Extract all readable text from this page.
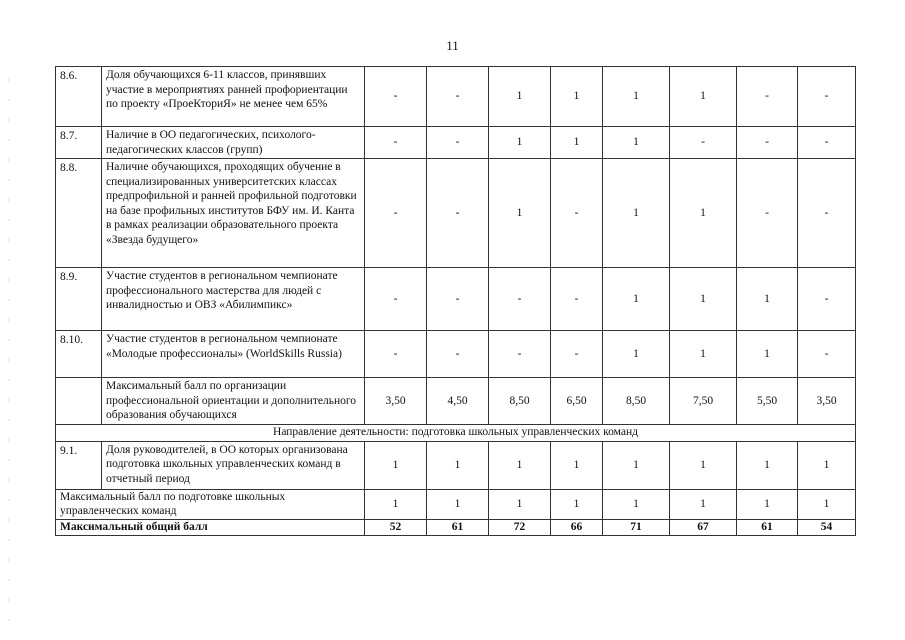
11
8.6.	Доля обучающихся 6-11 классов, принявших участие в мероприятиях ранней профориентации по проекту «ПроеКториЯ» не менее чем 65%	-	-	1	1	1	1	-	-
8.7.	Наличие в ОО педагогических, психолого-педагогических классов (групп)	-	-	1	1	1	-	-	-
8.8.	Наличие обучающихся, проходящих обучение в специализированных университетских классах предпрофильной и ранней профильной подготовки на базе профильных институтов БФУ им. И. Канта в рамках реализации образовательного проекта «Звезда будущего»	-	-	1	-	1	1	-	-
8.9.	Участие студентов в региональном чемпионате профессионального мастерства для людей с инвалидностью и ОВЗ «Абилимпикс»	-	-	-	-	1	1	1	-
8.10.	Участие студентов в региональном чемпионате «Молодые профессионалы» (WorldSkills Russia)	-	-	-	-	1	1	1	-
	Максимальный балл по организации профессиональной ориентации и дополнительного образования обучающихся	3,50	4,50	8,50	6,50	8,50	7,50	5,50	3,50
Направление деятельности: подготовка школьных управленческих команд									
9.1.	Доля руководителей, в ОО которых организована подготовка школьных управленческих команд в отчетный период	1	1	1	1	1	1	1	1
Максимальный балл по подготовке школьных управленческих команд		1	1	1	1	1	1	1	1
Максимальный общий балл		52	61	72	66	71	67	61	54
